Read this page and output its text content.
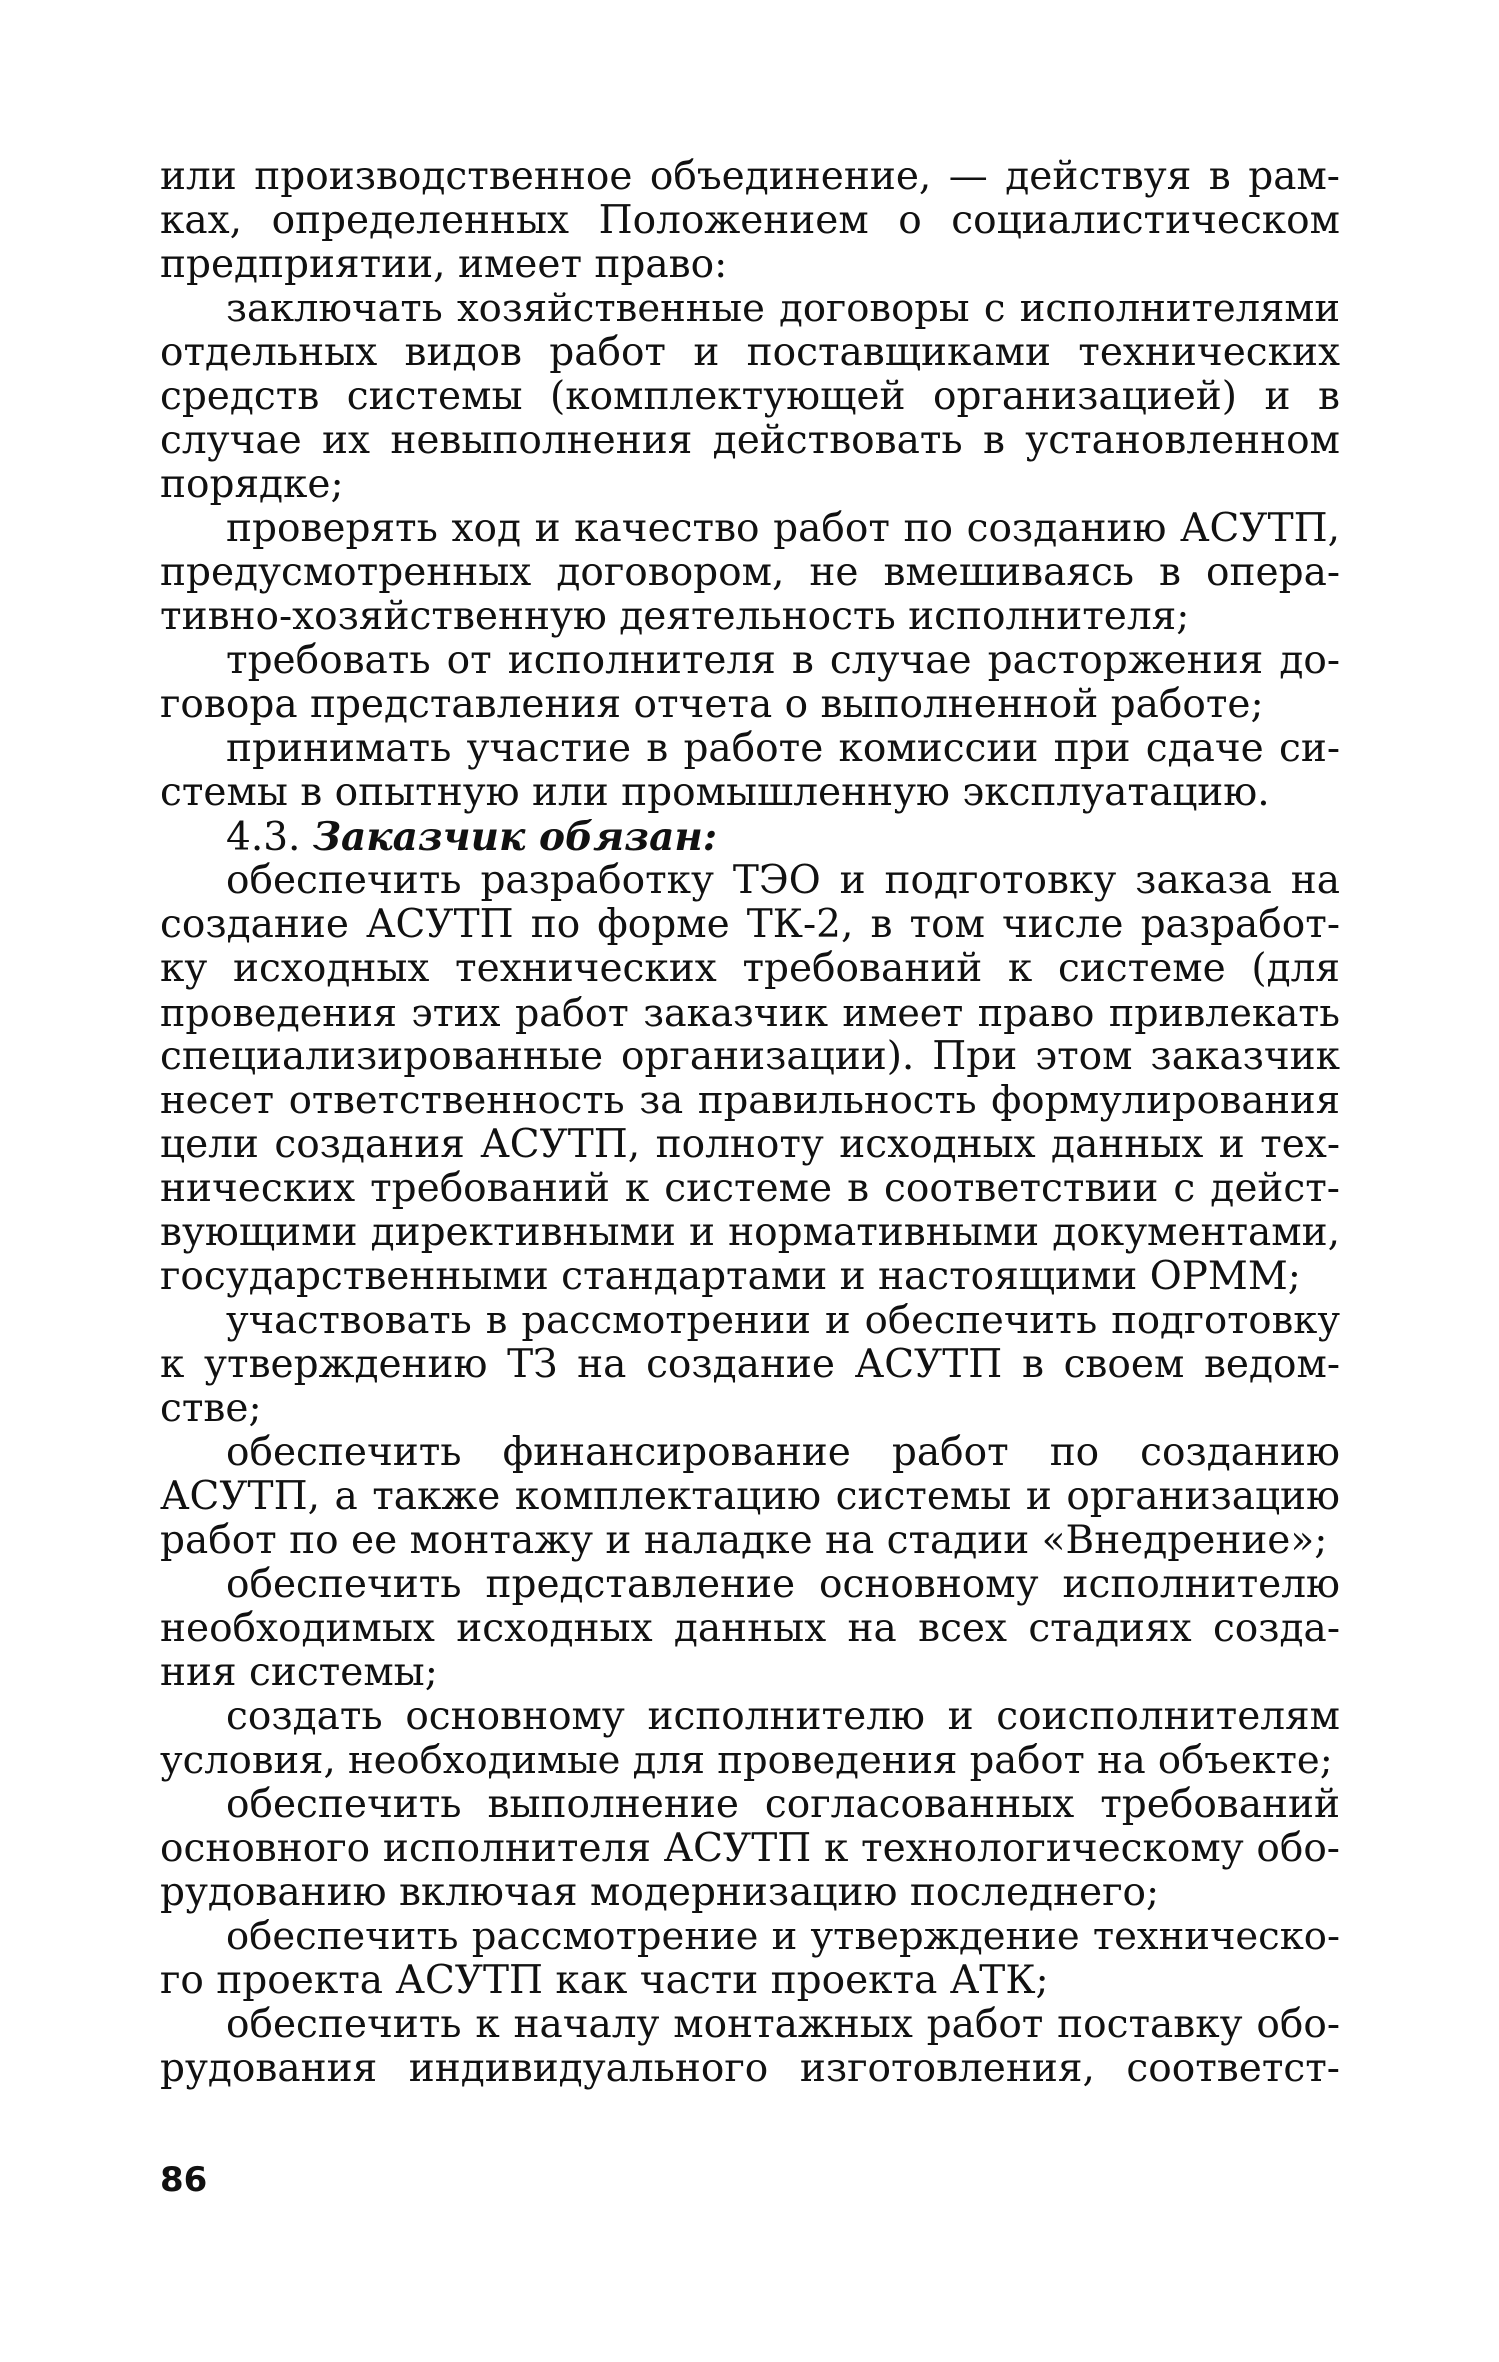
или производственное объединение, — действуя в рам-
ках, определенных Положением о социалистическом
предприятии, имеет право:
заключать хозяйственные договоры с исполнителями
отдельных видов работ и поставщиками технических
средств системы (комплектующей организацией) и в
случае их невыполнения действовать в установленном
порядке;
проверять ход и качество работ по созданию АСУТП,
предусмотренных договором, не вмешиваясь в опера-
тивно-хозяйственную деятельность исполнителя;
требовать от исполнителя в случае расторжения до-
говора представления отчета о выполненной работе;
принимать участие в работе комиссии при сдаче си-
стемы в опытную или промышленную эксплуатацию.
4.3. Заказчик обязан:
обеспечить разработку ТЭО и подготовку заказа на
создание АСУТП по форме ТК-2, в том числе разработ-
ку исходных технических требований к системе (для
проведения этих работ заказчик имеет право привлекать
специализированные организации). При этом заказчик
несет ответственность за правильность формулирования
цели создания АСУТП, полноту исходных данных и тех-
нических требований к системе в соответствии с дейст-
вующими директивными и нормативными документами,
государственными стандартами и настоящими ОРММ;
участвовать в рассмотрении и обеспечить подготовку
к утверждению ТЗ на создание АСУТП в своем ведом-
стве;
обеспечить финансирование работ по созданию
АСУТП, а также комплектацию системы и организацию
работ по ее монтажу и наладке на стадии «Внедрение»;
обеспечить представление основному исполнителю
необходимых исходных данных на всех стадиях созда-
ния системы;
создать основному исполнителю и соисполнителям
условия, необходимые для проведения работ на объекте;
обеспечить выполнение согласованных требований
основного исполнителя АСУТП к технологическому обо-
рудованию включая модернизацию последнего;
обеспечить рассмотрение и утверждение техническо-
го проекта АСУТП как части проекта АТК;
обеспечить к началу монтажных работ поставку обо-
рудования индивидуального изготовления, соответст-
86
